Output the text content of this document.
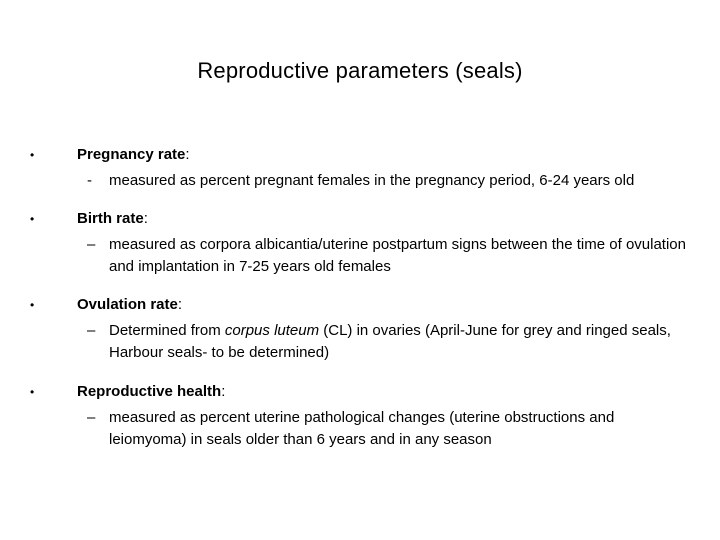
Reproductive parameters (seals)
•	Pregnancy rate:
- measured as percent pregnant females in the pregnancy period, 6-24 years old
•	Birth rate:
– measured as corpora albicantia/uterine postpartum signs between the time of ovulation and implantation in 7-25 years old females
•	Ovulation rate:
– Determined from corpus luteum (CL) in ovaries (April-June for grey and ringed seals, Harbour seals- to be determined)
•	Reproductive health:
– measured as percent uterine pathological changes (uterine obstructions and leiomyoma) in seals older than 6 years and in any season
